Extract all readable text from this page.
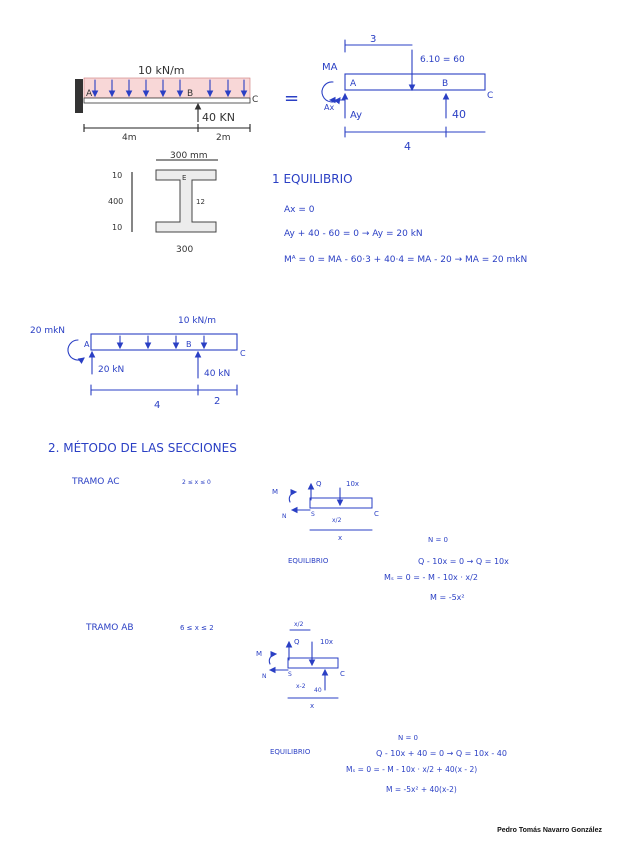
10 kN/m
A	B
C
40 KN
4m	2m
=
3
6.10 = 60
A	B
C
MA
Ax
Ay	40
4
300 mm
E
10
400
10
12
300
1 EQUILIBRIO
Ax = 0
Ay + 40 - 60 = 0 → Ay = 20 kN
Mᴬ = 0 = MA - 60·3 + 40·4 = MA - 20 → MA = 20 mkN
20 mkN
10 kN/m
A	B
C
20 kN	40 kN
4	2
2. MÉTODO DE LAS SECCIONES
TRAMO AC	2 ≤ x ≤ 0	10x
Q
M
N	S	C
x/2
x	N = 0
EQUILIBRIO	Q - 10x = 0 → Q = 10x
Mₛ = 0 = - M - 10x · x/2
M = -5x²
TRAMO AB	6 ≤ x ≤ 2	x/2
10x
Q
M
N	S	C
x-2
40
x
N = 0
EQUILIBRIO	Q - 10x + 40 = 0 → Q = 10x - 40
Mₛ = 0 = - M - 10x · x/2 + 40(x - 2)
M = -5x² + 40(x-2)
Pedro Tomás Navarro González
